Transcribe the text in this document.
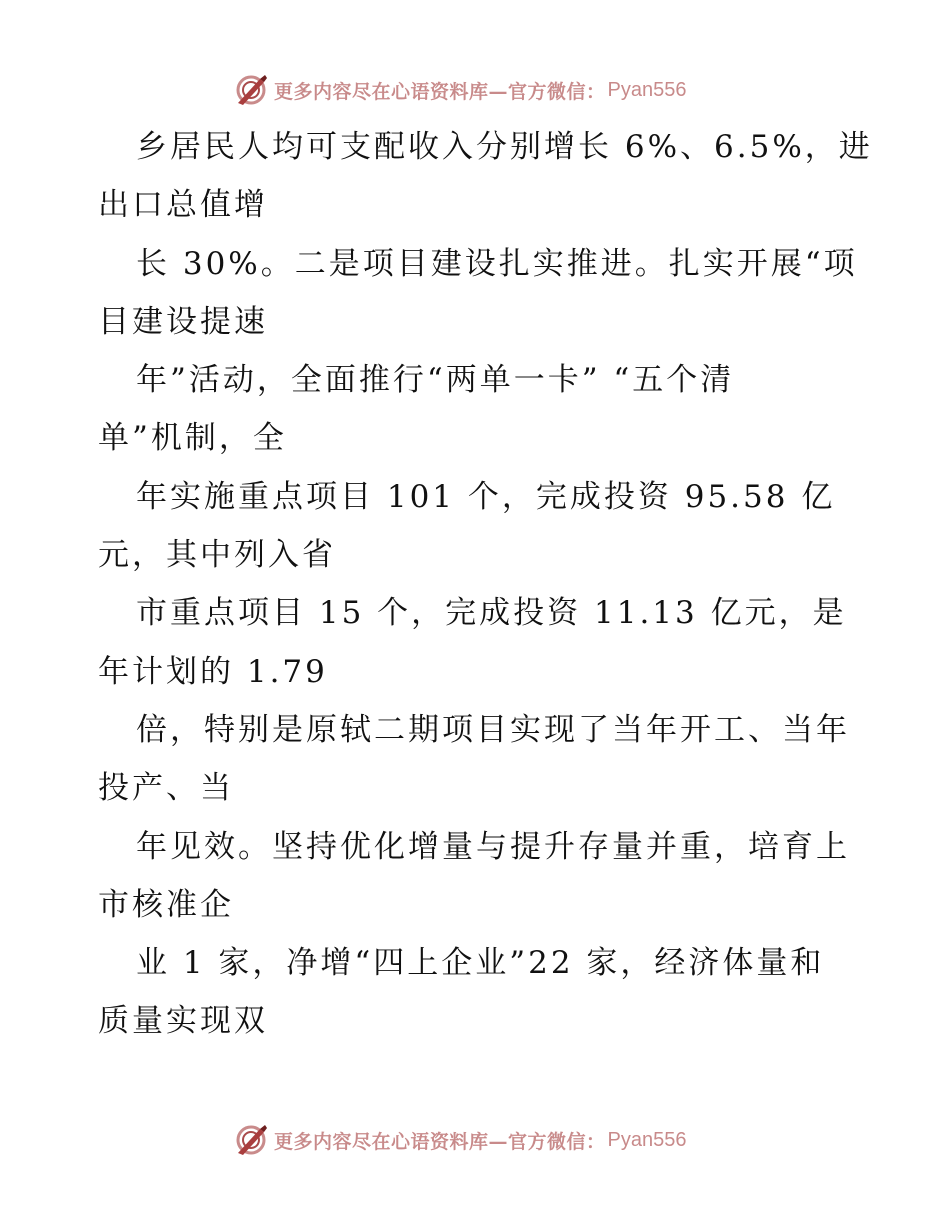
更多内容尽在心语资料库—官方微信： Pyan556
乡居民人均可支配收入分别增长 6%、6.5%，进
出口总值增
长 30%。二是项目建设扎实推进。扎实开展“项
目建设提速
年”活动，全面推行“两单一卡” “五个清
单”机制，全
年实施重点项目 101 个，完成投资 95.58 亿
元，其中列入省
市重点项目 15 个，完成投资 11.13 亿元，是
年计划的 1.79
倍，特别是原轼二期项目实现了当年开工、当年
投产、当
年见效。坚持优化增量与提升存量并重，培育上
市核准企
业 1 家，净增“四上企业”22 家，经济体量和
质量实现双
更多内容尽在心语资料库—官方微信： Pyan556
